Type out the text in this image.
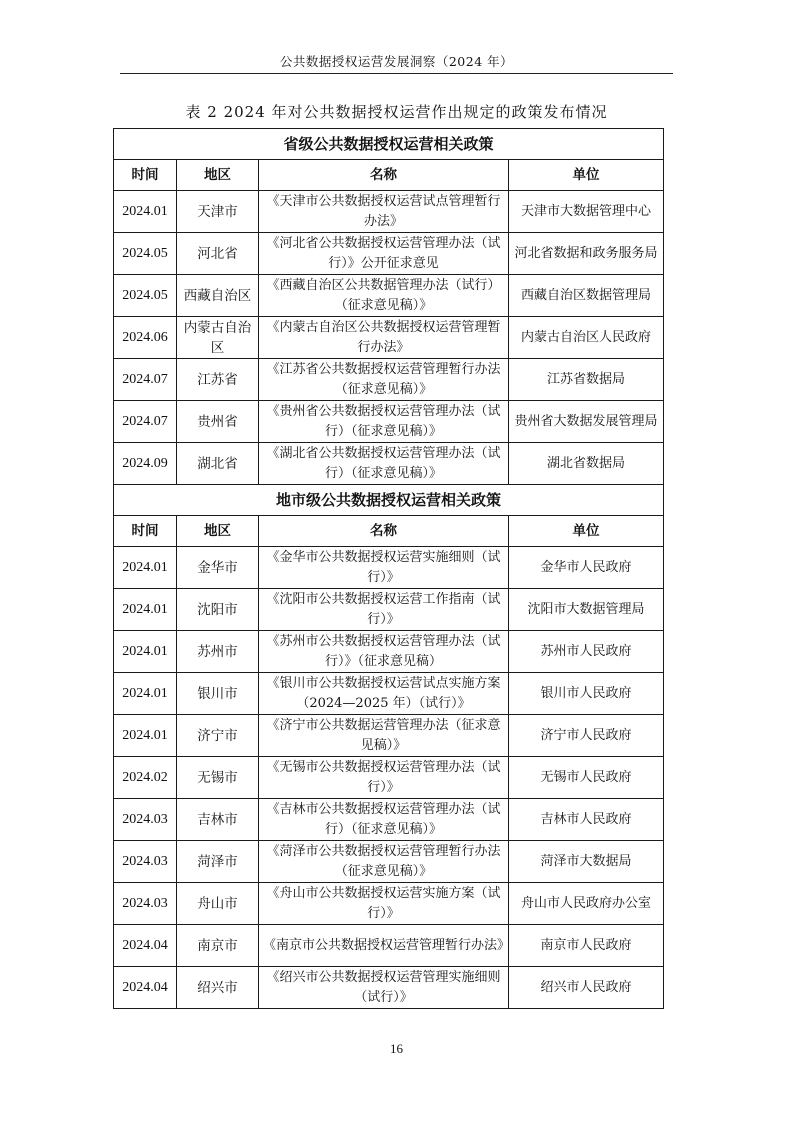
公共数据授权运营发展洞察（2024 年）
表 2 2024 年对公共数据授权运营作出规定的政策发布情况
省级公共数据授权运营相关政策			
时间	地区	名称	单位
2024.01	天津市	《天津市公共数据授权运营试点管理暂行办法》	天津市大数据管理中心
2024.05	河北省	《河北省公共数据授权运营管理办法（试行）》公开征求意见	河北省数据和政务服务局
2024.05	西藏自治区	《西藏自治区公共数据管理办法（试行）（征求意见稿）》	西藏自治区数据管理局
2024.06	内蒙古自治区	《内蒙古自治区公共数据授权运营管理暂行办法》	内蒙古自治区人民政府
2024.07	江苏省	《江苏省公共数据授权运营管理暂行办法（征求意见稿）》	江苏省数据局
2024.07	贵州省	《贵州省公共数据授权运营管理办法（试行）（征求意见稿）》	贵州省大数据发展管理局
2024.09	湖北省	《湖北省公共数据授权运营管理办法（试行）（征求意见稿）》	湖北省数据局
地市级公共数据授权运营相关政策			
时间	地区	名称	单位
2024.01	金华市	《金华市公共数据授权运营实施细则（试行）》	金华市人民政府
2024.01	沈阳市	《沈阳市公共数据授权运营工作指南（试行）》	沈阳市大数据管理局
2024.01	苏州市	《苏州市公共数据授权运营管理办法（试行）》（征求意见稿）	苏州市人民政府
2024.01	银川市	《银川市公共数据授权运营试点实施方案（2024—2025 年）（试行）》	银川市人民政府
2024.01	济宁市	《济宁市公共数据运营管理办法（征求意见稿）》	济宁市人民政府
2024.02	无锡市	《无锡市公共数据授权运营管理办法（试行）》	无锡市人民政府
2024.03	吉林市	《吉林市公共数据授权运营管理办法（试行）（征求意见稿）》	吉林市人民政府
2024.03	菏泽市	《菏泽市公共数据授权运营管理暂行办法（征求意见稿）》	菏泽市大数据局
2024.03	舟山市	《舟山市公共数据授权运营实施方案（试行）》	舟山市人民政府办公室
2024.04	南京市	《南京市公共数据授权运营管理暂行办法》	南京市人民政府
2024.04	绍兴市	《绍兴市公共数据授权运营管理实施细则（试行）》	绍兴市人民政府
16
